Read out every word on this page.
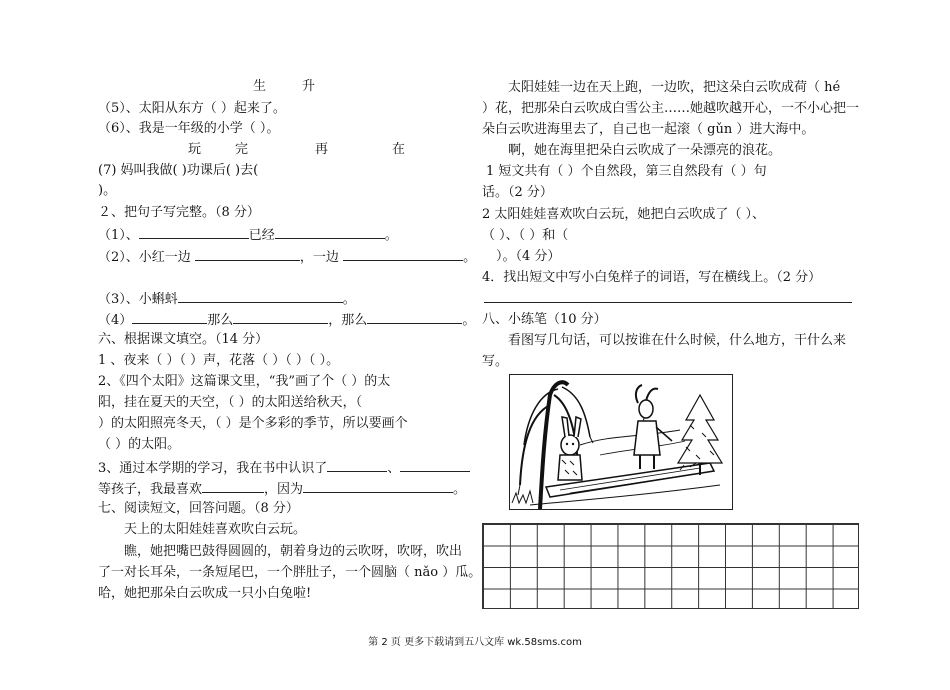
生	升
（5）、太阳从东方（ ）起来了。
（6）、我是一年级的小学（ ）。
玩	完	再	在
(7) 妈叫我做( )功课后( )去(
)。
２、把句子写完整。（8 分）
（1）、	已经	。
（2）、小红一边	，一边	。
（3）、小蝌蚪	。
（4）	那么	，那么	。
六、根据课文填空。（14 分）
1 、夜来（ ）（ ）声，花落（ ）（ ）（ ）。
2、《四个太阳》这篇课文里，“我”画了个（ ）的太
阳，挂在夏天的天空，（ ）的太阳送给秋天，（
）的太阳照亮冬天，（ ）是个多彩的季节，所以要画个
（ ）的太阳。
3、通过本学期的学习，我在书中认识了	、
等孩子，我最喜欢	，因为	。
七、阅读短文，回答问题。（8 分）
天上的太阳娃娃喜欢吹白云玩。
瞧，她把嘴巴鼓得圆圆的，朝着身边的云吹呀，吹呀，吹出
了一对长耳朵，一条短尾巴，一个胖肚子，一个圆脑（ nǎo ）瓜。
哈，她把那朵白云吹成一只小白兔啦!
太阳娃娃一边在天上跑，一边吹，把这朵白云吹成荷（ hé
）花，把那朵白云吹成白雪公主……她越吹越开心，一不小心把一
朵白云吹进海里去了，自己也一起滚（ gǔn ）进大海中。
啊，她在海里把朵白云吹成了一朵漂亮的浪花。
1 短文共有（ ）个自然段，第三自然段有（ ）句
话。（2 分）
2 太阳娃娃喜欢吹白云玩，她把白云吹成了（ ）、
（ ）、（ ）和（
）。（4 分）
4．找出短文中写小白兔样子的词语，写在横线上。（2 分）
八、小练笔（10 分）
看图写几句话，可以按谁在什么时候，什么地方，干什么来
写。
第 2 页 更多下载请到五八文库 wk.58sms.com
